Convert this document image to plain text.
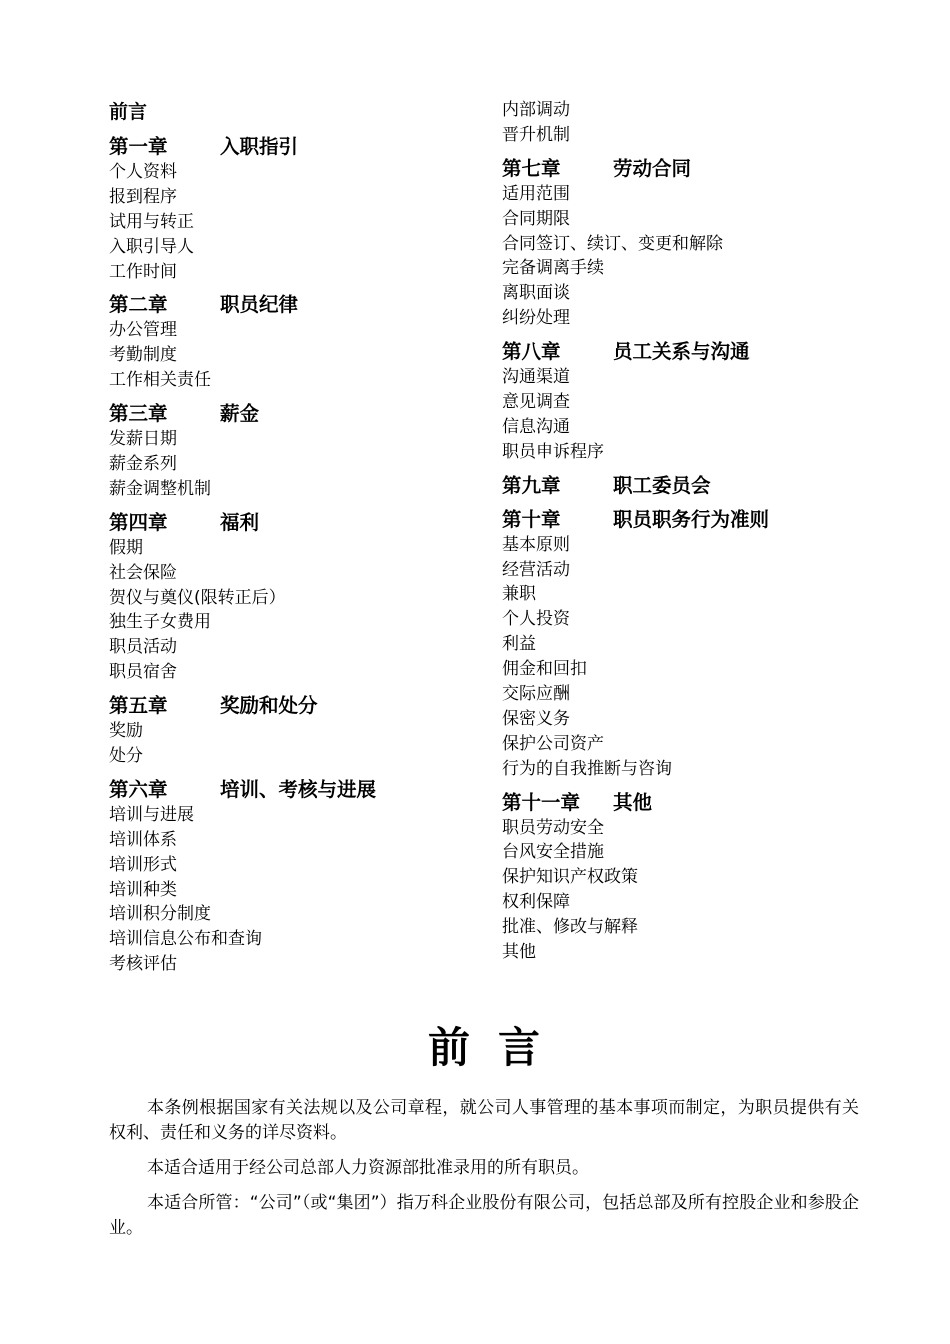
前言
第一章	入职指引
个人资料
报到程序
试用与转正
入职引导人
工作时间
第二章	职员纪律
办公管理
考勤制度
工作相关责任
第三章	薪金
发薪日期
薪金系列
薪金调整机制
第四章	福利
假期
社会保险
贺仪与奠仪(限转正后）
独生子女费用
职员活动
职员宿舍
第五章	奖励和处分
奖励
处分
第六章	培训、考核与进展
培训与进展
培训体系
培训形式
培训种类
培训积分制度
培训信息公布和查询
考核评估
内部调动
晋升机制
第七章	劳动合同
适用范围
合同期限
合同签订、续订、变更和解除
完备调离手续
离职面谈
纠纷处理
第八章	员工关系与沟通
沟通渠道
意见调查
信息沟通
职员申诉程序
第九章	职工委员会
第十章	职员职务行为准则
基本原则
经营活动
兼职
个人投资
利益
佣金和回扣
交际应酬
保密义务
保护公司资产
行为的自我推断与咨询
第十一章 其他
职员劳动安全
台风安全措施
保护知识产权政策
权利保障
批准、修改与解释
其他
前言

本条例根据国家有关法规以及公司章程，就公司人事管理的基本事项而制定，为职员提供有关权利、责任和义务的详尽资料。

本适合适用于经公司总部人力资源部批准录用的所有职员。

本适合所管：“公司”（或“集团”）指万科企业股份有限公司，包括总部及所有控股企业和参股企业。
